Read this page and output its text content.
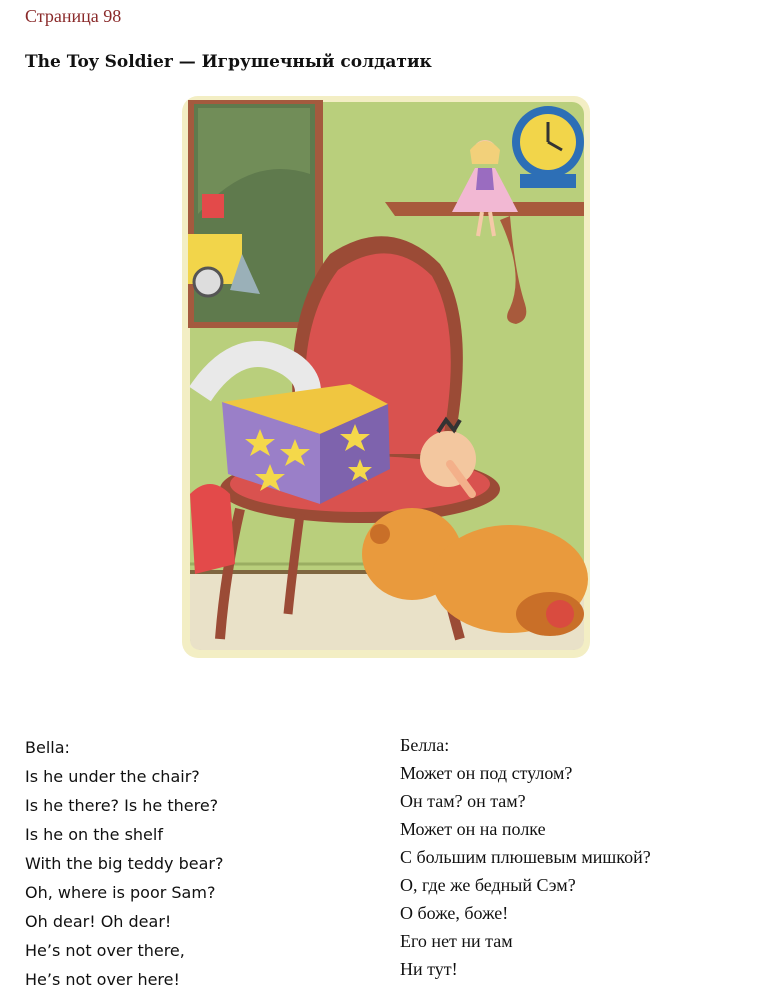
Страница 98
The Toy Soldier — Игрушечный солдатик
Bella:
Is he under the chair?
Is he there? Is he there?
Is he on the shelf
With the big teddy bear?
Oh, where is poor Sam?
Oh dear! Oh dear!
He’s not over there,
He’s not over here!
Белла:
Может он под стулом?
Он там? он там?
Может он на полке
С большим плюшевым мишкой?
О, где же бедный Сэм?
О боже, боже!
Его нет ни там
Ни тут!
